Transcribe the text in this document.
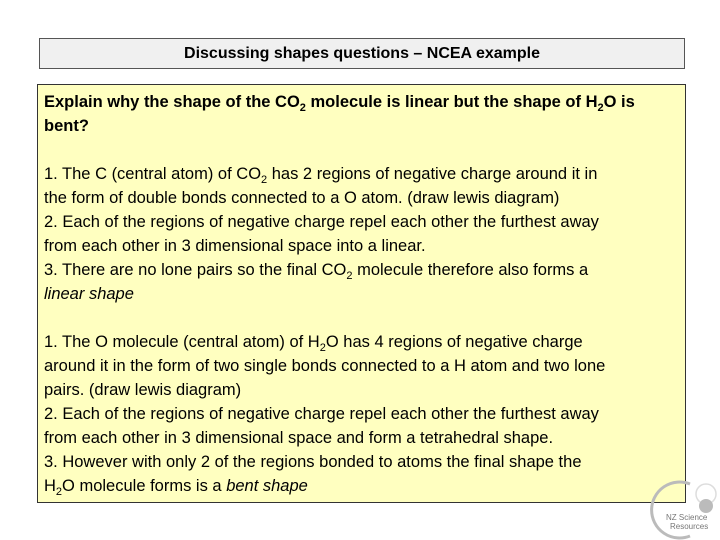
Discussing shapes questions – NCEA example
Explain why the shape of the $CO_2$ molecule is linear but the shape of $H_2O$ is
bent?
1. The C (central atom) of $CO_2$ has 2 regions of negative charge around it in
the form of double bonds connected to a O atom. (draw lewis diagram)
2. Each of the regions of negative charge repel each other the furthest away
from each other in 3 dimensional space into a linear.
3. There are no lone pairs so the final $CO_2$ molecule therefore also forms a
linear shape
1. The O molecule (central atom) of $H_2O$ has 4 regions of negative charge
around it in the form of two single bonds connected to a H atom and two lone
pairs. (draw lewis diagram)
2. Each of the regions of negative charge repel each other the furthest away
from each other in 3 dimensional space and form a tetrahedral shape.
3. However with only 2 of the regions bonded to atoms the final shape the
$H_2O$ molecule forms is a bent shape
NZ Science
Resources
